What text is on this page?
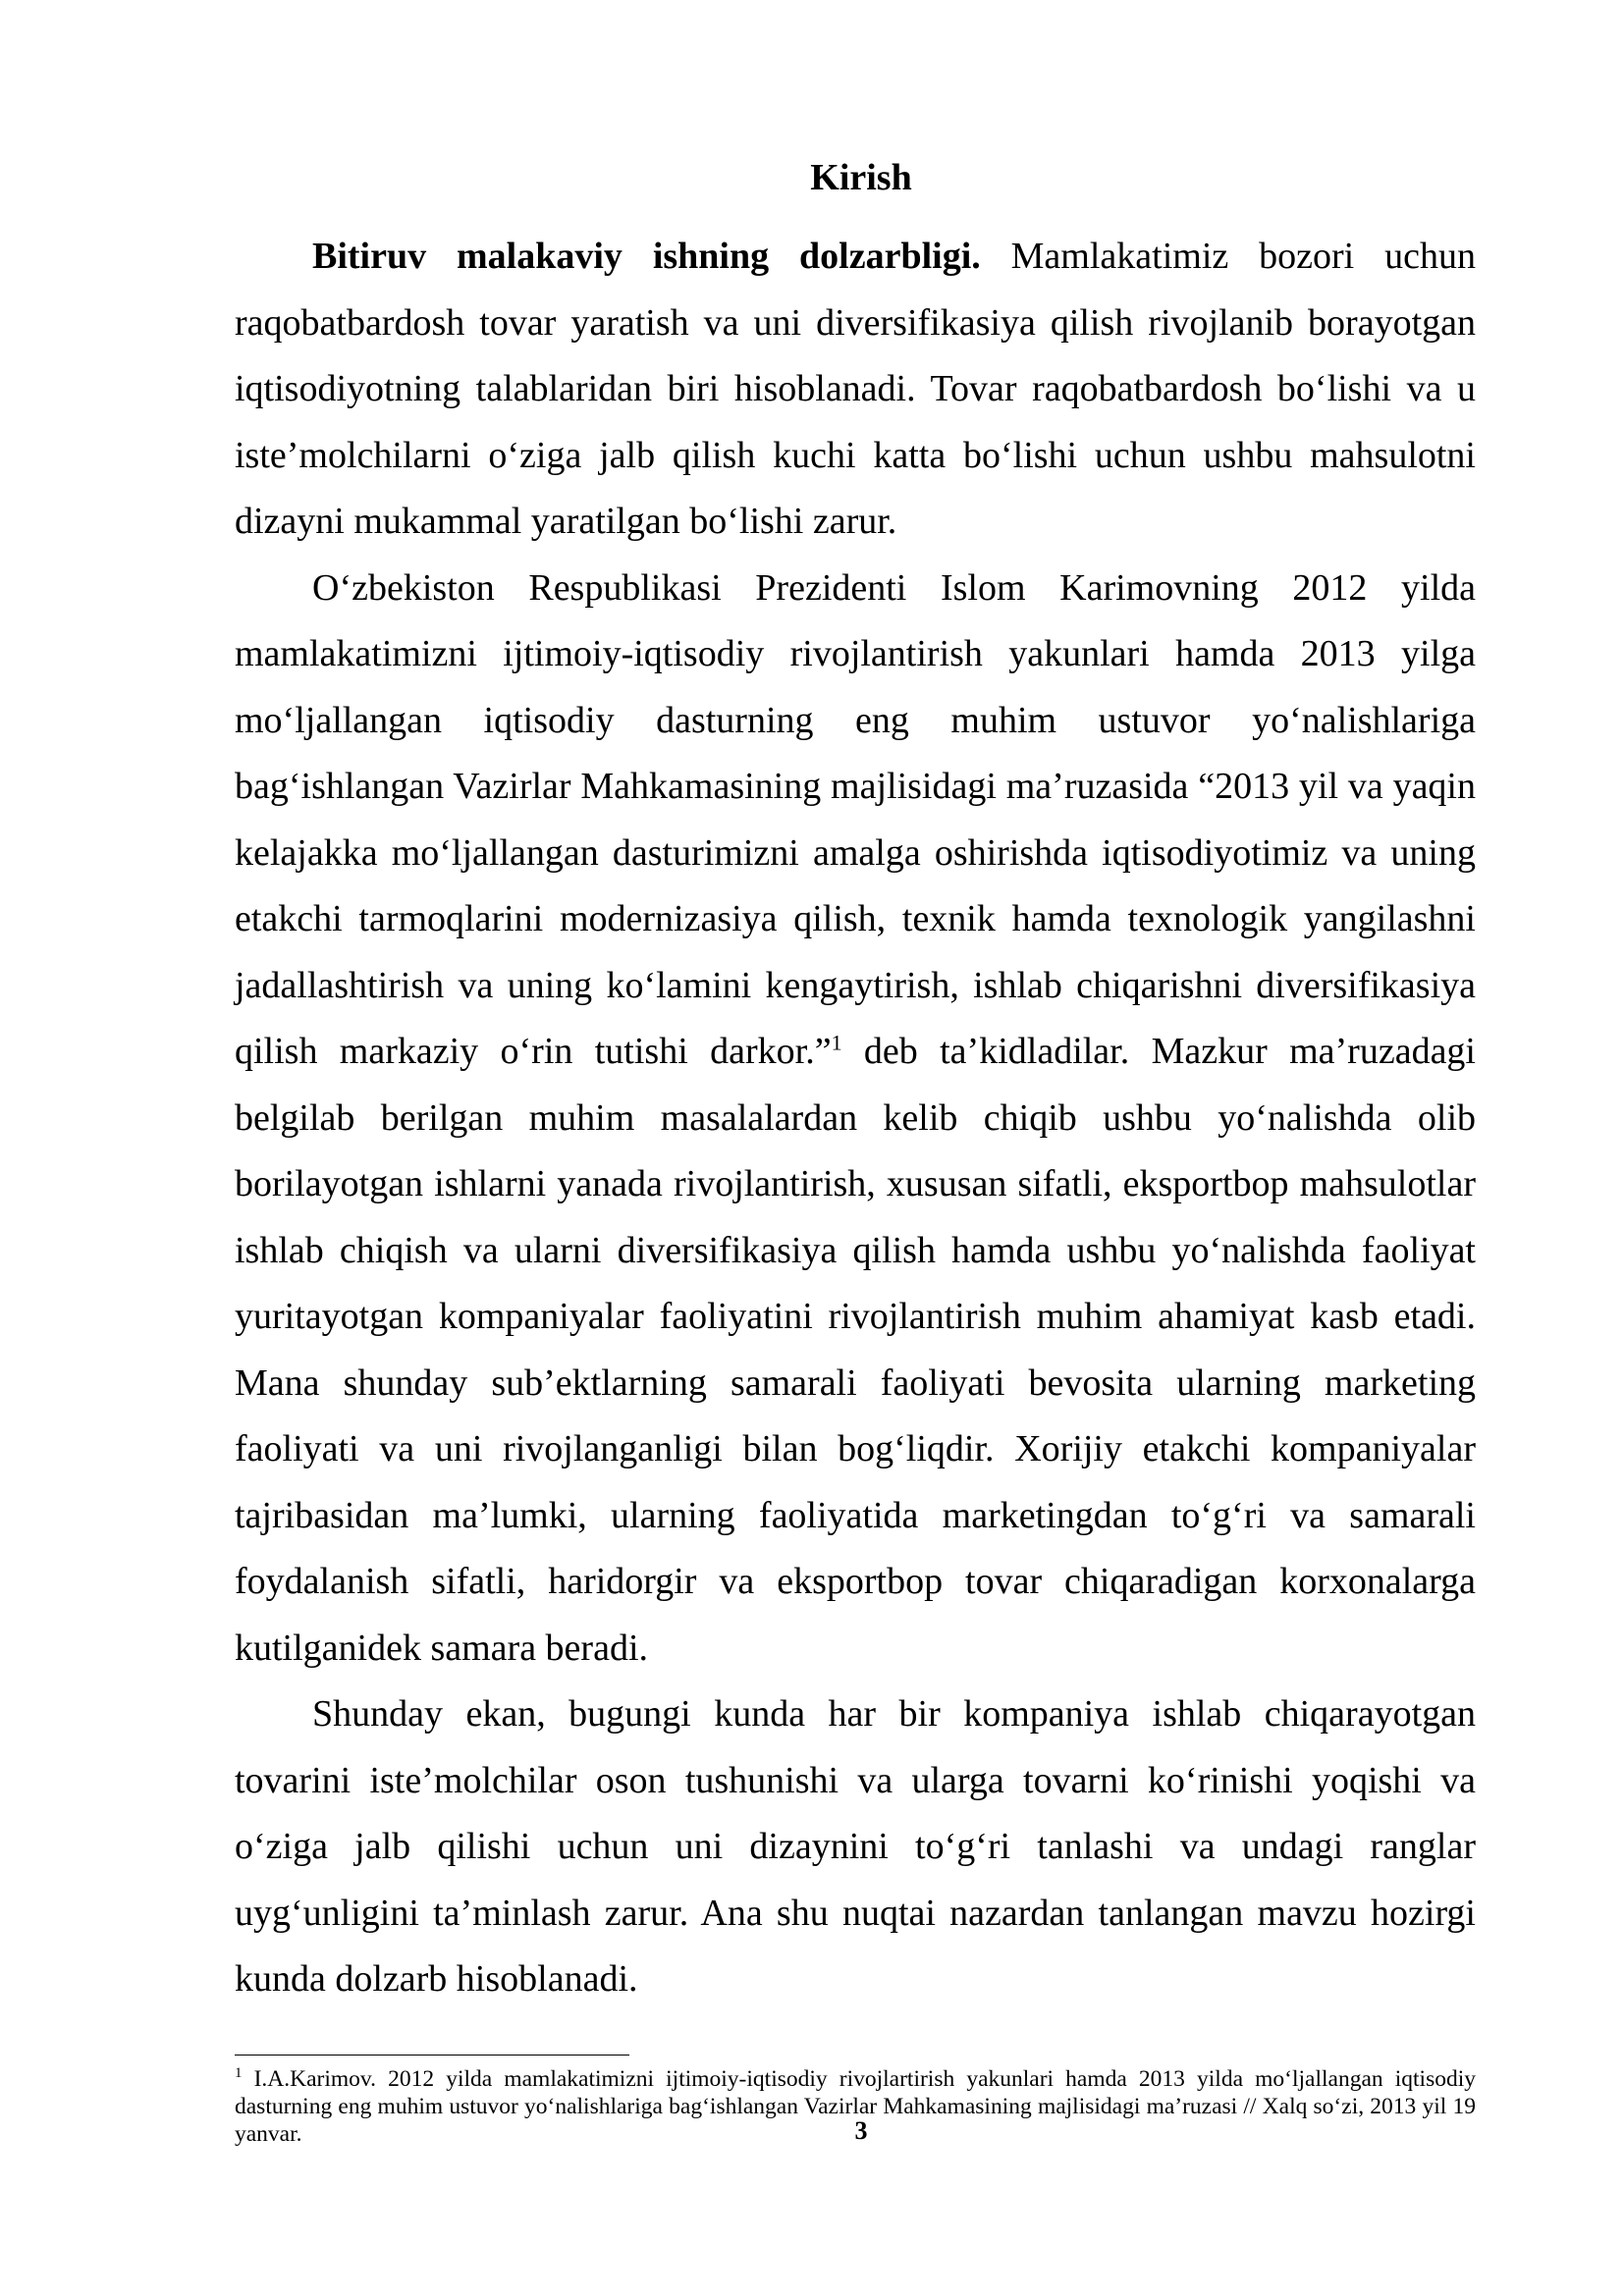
Kirish

Bitiruv malakaviy ishning dolzarbligi. Mamlakatimiz bozori uchun raqobatbardosh tovar yaratish va uni diversifikasiya qilish rivojlanib borayotgan iqtisodiyotning talablaridan biri hisoblanadi. Tovar raqobatbardosh bo‘lishi va u iste’molchilarni o‘ziga jalb qilish kuchi katta bo‘lishi uchun ushbu mahsulotni dizayni mukammal yaratilgan bo‘lishi zarur.

O‘zbekiston Respublikasi Prezidenti Islom Karimovning 2012 yilda mamlakatimizni ijtimoiy-iqtisodiy rivojlantirish yakunlari hamda 2013 yilga mo‘ljallangan iqtisodiy dasturning eng muhim ustuvor yo‘nalishlariga bag‘ishlangan Vazirlar Mahkamasining majlisidagi ma’ruzasida “2013 yil va yaqin kelajakka mo‘ljallangan dasturimizni amalga oshirishda iqtisodiyotimiz va uning etakchi tarmoqlarini modernizasiya qilish, texnik hamda texnologik yangilashni jadallashtirish va uning ko‘lamini kengaytirish, ishlab chiqarishni diversifikasiya qilish markaziy o‘rin tutishi darkor.”$^1$ deb ta’kidladilar. Mazkur ma’ruzadagi belgilab berilgan muhim masalalardan kelib chiqib ushbu yo‘nalishda olib borilayotgan ishlarni yanada rivojlantirish, xususan sifatli, eksportbop mahsulotlar ishlab chiqish va ularni diversifikasiya qilish hamda ushbu yo‘nalishda faoliyat yuritayotgan kompaniyalar faoliyatini rivojlantirish muhim ahamiyat kasb etadi. Mana shunday sub’ektlarning samarali faoliyati bevosita ularning marketing faoliyati va uni rivojlanganligi bilan bog‘liqdir. Xorijiy etakchi kompaniyalar tajribasidan ma’lumki, ularning faoliyatida marketingdan to‘g‘ri va samarali foydalanish sifatli, haridorgir va eksportbop tovar chiqaradigan korxonalarga kutilganidek samara beradi.

Shunday ekan, bugungi kunda har bir kompaniya ishlab chiqarayotgan tovarini iste’molchilar oson tushunishi va ularga tovarni ko‘rinishi yoqishi va o‘ziga jalb qilishi uchun uni dizaynini to‘g‘ri tanlashi va undagi ranglar uyg‘unligini ta’minlash zarur. Ana shu nuqtai nazardan tanlangan mavzu hozirgi kunda dolzarb hisoblanadi.

$^1$ I.A.Karimov. 2012 yilda mamlakatimizni ijtimoiy-iqtisodiy rivojlartirish yakunlari hamda 2013 yilda mo‘ljallangan iqtisodiy dasturning eng muhim ustuvor yo‘nalishlariga bag‘ishlangan Vazirlar Mahkamasining majlisidagi ma’ruzasi // Xalq so‘zi, 2013 yil 19 yanvar.	3
